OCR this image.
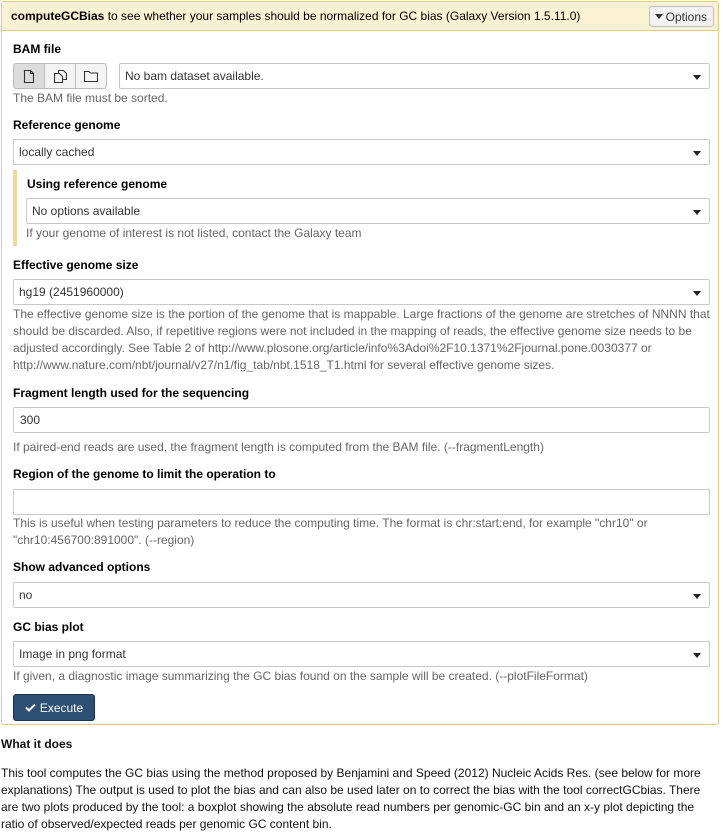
computeGCBias to see whether your samples should be normalized for GC bias (Galaxy Version 1.5.11.0)	Options
BAM file
No bam dataset available.
The BAM file must be sorted.
Reference genome
locally cached
Using reference genome
No options available
If your genome of interest is not listed, contact the Galaxy team
Effective genome size
hg19 (2451960000)
The effective genome size is the portion of the genome that is mappable. Large fractions of the genome are stretches of NNNN that should be discarded. Also, if repetitive regions were not included in the mapping of reads, the effective genome size needs to be adjusted accordingly. See Table 2 of http://www.plosone.org/article/info%3Adoi%2F10.1371%2Fjournal.pone.0030377 or http://www.nature.com/nbt/journal/v27/n1/fig_tab/nbt.1518_T1.html for several effective genome sizes.
Fragment length used for the sequencing
300
If paired-end reads are used, the fragment length is computed from the BAM file. (--fragmentLength)
Region of the genome to limit the operation to
This is useful when testing parameters to reduce the computing time. The format is chr:start:end, for example "chr10" or "chr10:456700:891000". (--region)
Show advanced options
no
GC bias plot
Image in png format
If given, a diagnostic image summarizing the GC bias found on the sample will be created. (--plotFileFormat)
Execute
What it does

This tool computes the GC bias using the method proposed by Benjamini and Speed (2012) Nucleic Acids Res. (see below for more explanations) The output is used to plot the bias and can also be used later on to correct the bias with the tool correctGCbias. There are two plots produced by the tool: a boxplot showing the absolute read numbers per genomic-GC bin and an x-y plot depicting the ratio of observed/expected reads per genomic GC content bin.
